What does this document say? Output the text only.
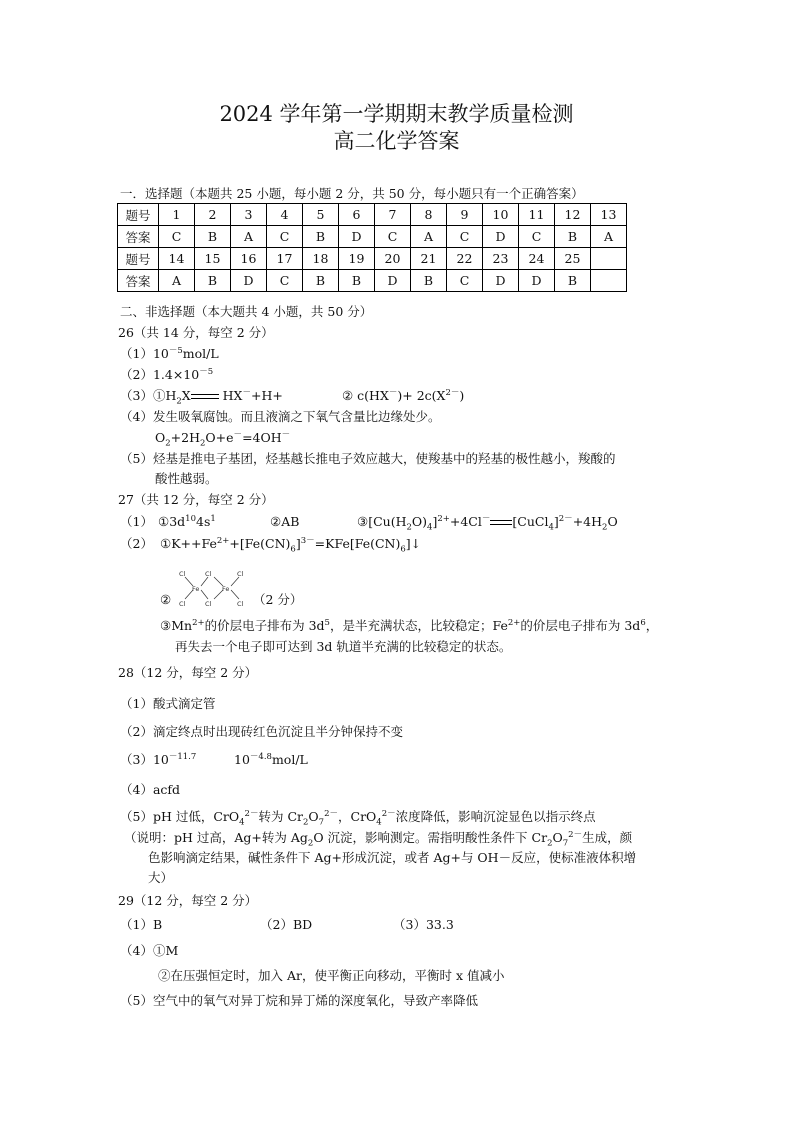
2024 学年第一学期期末教学质量检测
高二化学答案
一．选择题（本题共 25 小题，每小题 2 分，共 50 分，每小题只有一个正确答案）
题号	1	2	3	4	5	6	7	8	9	10	11	12	13
答案	C	B	A	C	B	D	C	A	C	D	C	B	A
题号	14	15	16	17	18	19	20	21	22	23	24	25	
答案	A	B	D	C	B	B	D	B	C	D	D	B	
二、非选择题（本大题共 4 小题，共 50 分）
26（共 14 分，每空 2 分）
$(1)10^{-5}mol/L$
$(2)1.4\times 10^{-5}$
$(3)①H_2X$ HX－+H+	② $c(HX^-)+ 2c(X^{2-})$
（4）发生吸氧腐蚀。而且液滴之下氧气含量比边缘处少。
$O_2+2H_2O+e^-=4OH^-$
（5）烃基是推电子基团，烃基越长推电子效应越大，使羧基中的羟基的极性越小，羧酸的
酸性越弱。
27（共 12 分，每空 2 分）
（1） $①3d^{10}4s^1$	②AB	$③[Cu(H_2O)_4]^{2+}+4Cl^-$ $[CuCl_4]^{2-}+4H_2O$
（2） $①K++Fe^{2+}+[Fe(CN)_6]^{3-}=KFe[Fe(CN)_6]↓$
Cl	Cl	Cl
Fe	Fe
Cl	Cl	Cl
②	（2 分）
$③Mn^{2+}$的价层电子排布为 $3d^5$，是半充满状态，比较稳定；$Fe^{2+}$的价层电子排布为 $3d^6$，
再失去一个电子即可达到 3d 轨道半充满的比较稳定的状态。
28（12 分，每空 2 分）
（1）酸式滴定管
（2）滴定终点时出现砖红色沉淀且半分钟保持不变
$(3)10^{-11.7}$	$10^{-4.8}mol/L$
（4）acfd
（5）pH 过低，CrO$_4^{2-}$转为 $Cr_2O_7^{2-}$，CrO$_4^{2-}$浓度降低，影响沉淀显色以指示终点
（说明：pH 过高，Ag+转为 $Ag_2O$ 沉淀，影响测定。需指明酸性条件下 $Cr_2O_7^{2-}$生成，颜
色影响滴定结果，碱性条件下 Ag+形成沉淀，或者 Ag+与 OH－反应，使标准液体积增
大）
29（12 分，每空 2 分）
（1）B	（2）BD	（3）33.3
（4）①M
②在压强恒定时，加入 Ar，使平衡正向移动，平衡时 x 值减小
（5）空气中的氧气对异丁烷和异丁烯的深度氧化，导致产率降低
